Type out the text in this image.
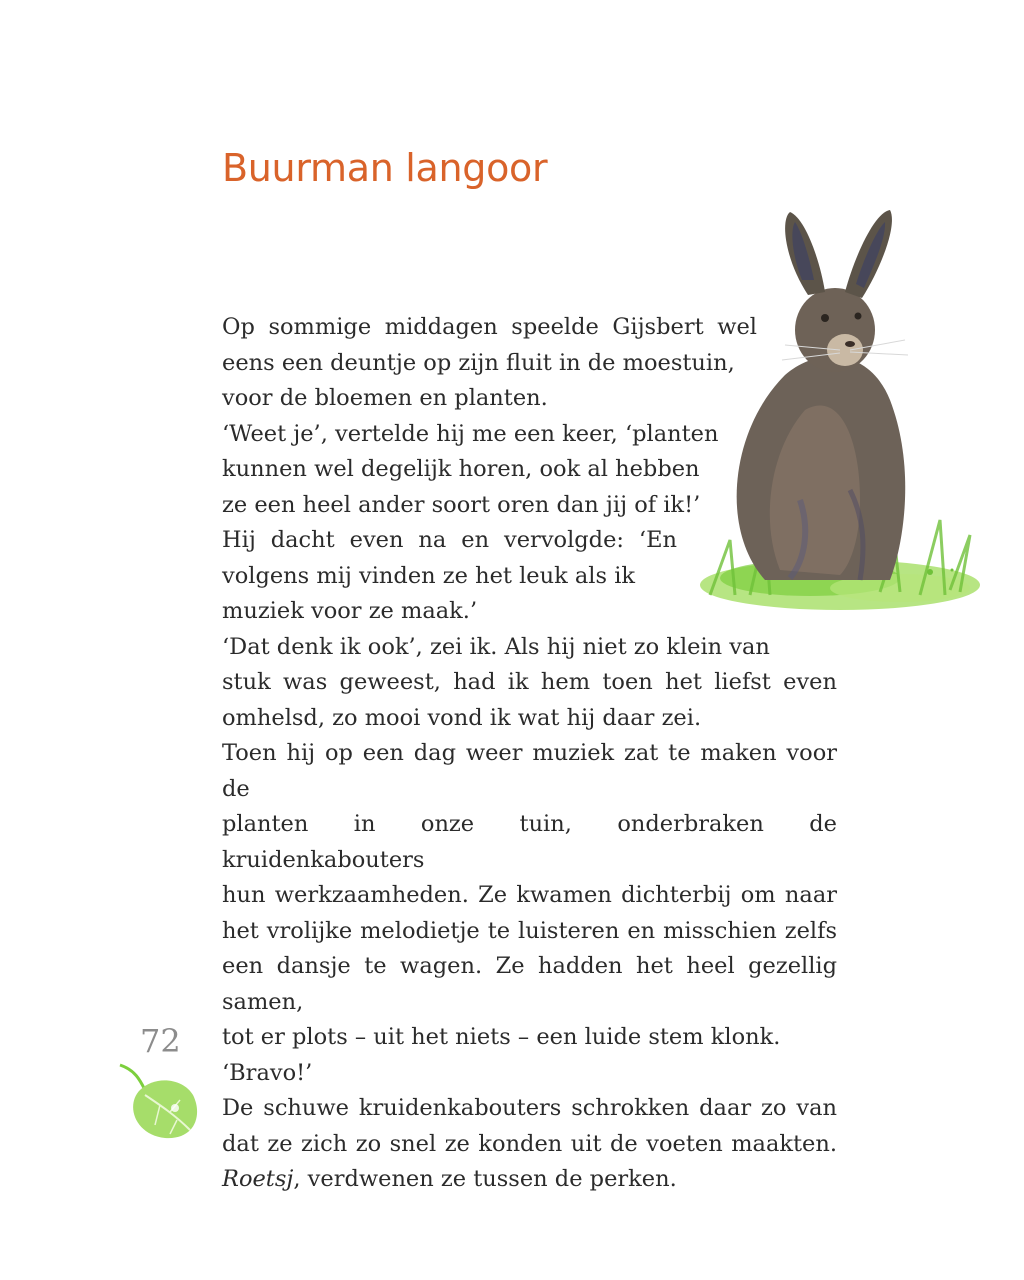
Buurman langoor
Op sommige middagen speelde Gijsbert wel
eens een deuntje op zijn fluit in de moestuin,
voor de bloemen en planten.
‘Weet je’, vertelde hij me een keer, ‘planten
kunnen wel degelijk horen, ook al hebben
ze een heel ander soort oren dan jij of ik!’
Hij dacht even na en vervolgde: ‘En
volgens mij vinden ze het leuk als ik
muziek voor ze maak.’
‘Dat denk ik ook’, zei ik. Als hij niet zo klein van
stuk was geweest, had ik hem toen het liefst even
omhelsd, zo mooi vond ik wat hij daar zei.
Toen hij op een dag weer muziek zat te maken voor de
planten in onze tuin, onderbraken de kruidenkabouters
hun werkzaamheden. Ze kwamen dichterbij om naar
het vrolijke melodietje te luisteren en misschien zelfs
een dansje te wagen. Ze hadden het heel gezellig samen,
tot er plots – uit het niets – een luide stem klonk.
‘Bravo!’
De schuwe kruidenkabouters schrokken daar zo van
dat ze zich zo snel ze konden uit de voeten maakten.
Roetsj, verdwenen ze tussen de perken.
72
